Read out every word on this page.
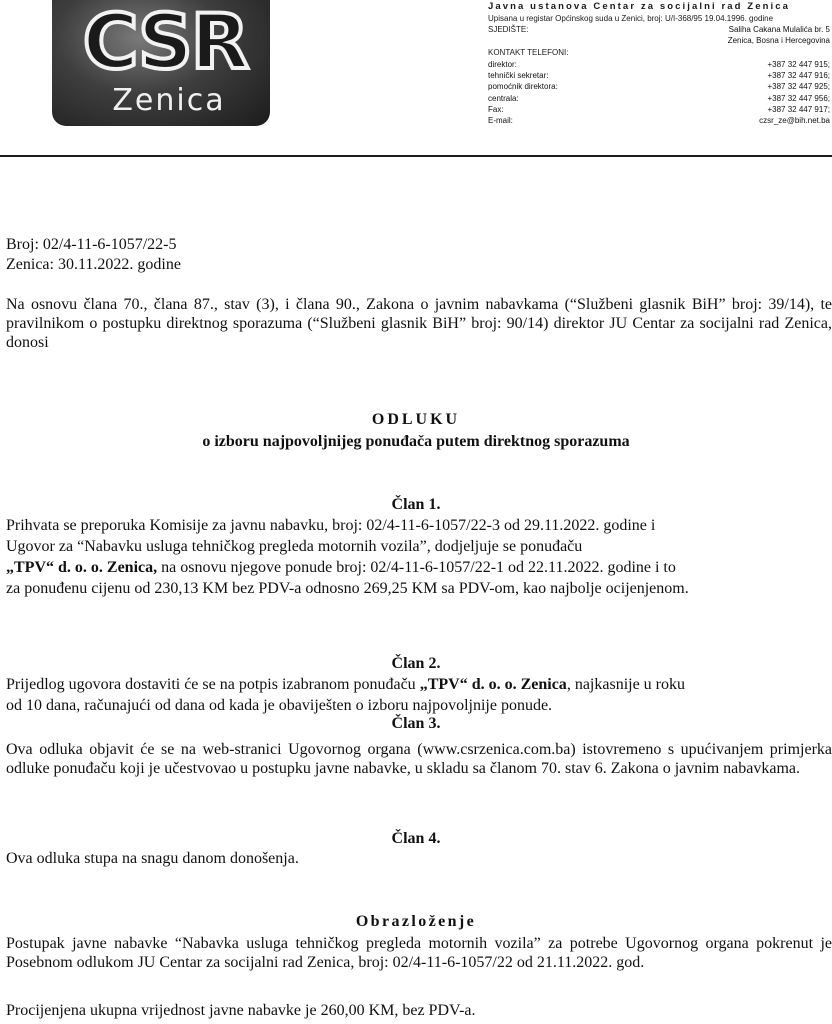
CSR
Zenica
Javna ustanova Centar za socijalni rad Zenica
Upisana u registar Općinskog suda u Zenici, broj: U/I-368/95 19.04.1996. godine
SJEDIŠTE:	Saliha Cakana Mulalića br. 5
Zenica, Bosna i Hercegovina
KONTAKT TELEFONI:
direktor:	+387 32 447 915;
tehnički sekretar:	+387 32 447 916;
pomoćnik direktora:	+387 32 447 925;
centrala:	+387 32 447 956;
Fax:	+387 32 447 917;
E-mail:	czsr_ze@bih.net.ba
Broj: 02/4-11-6-1057/22-5
Zenica: 30.11.2022. godine
Na osnovu člana 70., člana 87., stav (3), i člana 90., Zakona o javnim nabavkama (“Službeni glasnik BiH” broj: 39/14), te pravilnikom o postupku direktnog sporazuma (“Službeni glasnik BiH” broj: 90/14) direktor JU Centar za socijalni rad Zenica, donosi
ODLUKU
o izboru najpovoljnijeg ponuđača putem direktnog sporazuma
Član 1.
Prihvata se preporuka Komisije za javnu nabavku, broj: 02/4-11-6-1057/22-3 od 29.11.2022. godine i
Ugovor za “Nabavku usluga tehničkog pregleda motornih vozila”, dodjeljuje se ponuđaču
„TPV“ d. o. o. Zenica, na osnovu njegove ponude broj: 02/4-11-6-1057/22-1 od 22.11.2022. godine i to
za ponuđenu cijenu od 230,13 KM bez PDV-a odnosno 269,25 KM sa PDV-om, kao najbolje ocijenjenom.
Član 2.
Prijedlog ugovora dostaviti će se na potpis izabranom ponuđaču „TPV“ d. o. o. Zenica, najkasnije u roku
od 10 dana, računajući od dana od kada je obaviješten o izboru najpovoljnije ponude.
Član 3.
Ova odluka objavit će se na web-stranici Ugovornog organa (www.csrzenica.com.ba) istovremeno s upućivanjem primjerka odluke ponuđaču koji je učestvovao u postupku javne nabavke, u skladu sa članom 70. stav 6. Zakona o javnim nabavkama.
Član 4.
Ova odluka stupa na snagu danom donošenja.
Obrazloženje
Postupak javne nabavke “Nabavka usluga tehničkog pregleda motornih vozila” za potrebe Ugovornog organa pokrenut je Posebnom odlukom JU Centar za socijalni rad Zenica, broj: 02/4-11-6-1057/22 od 21.11.2022. god.
Procijenjena ukupna vrijednost javne nabavke je 260,00 KM, bez PDV-a.
